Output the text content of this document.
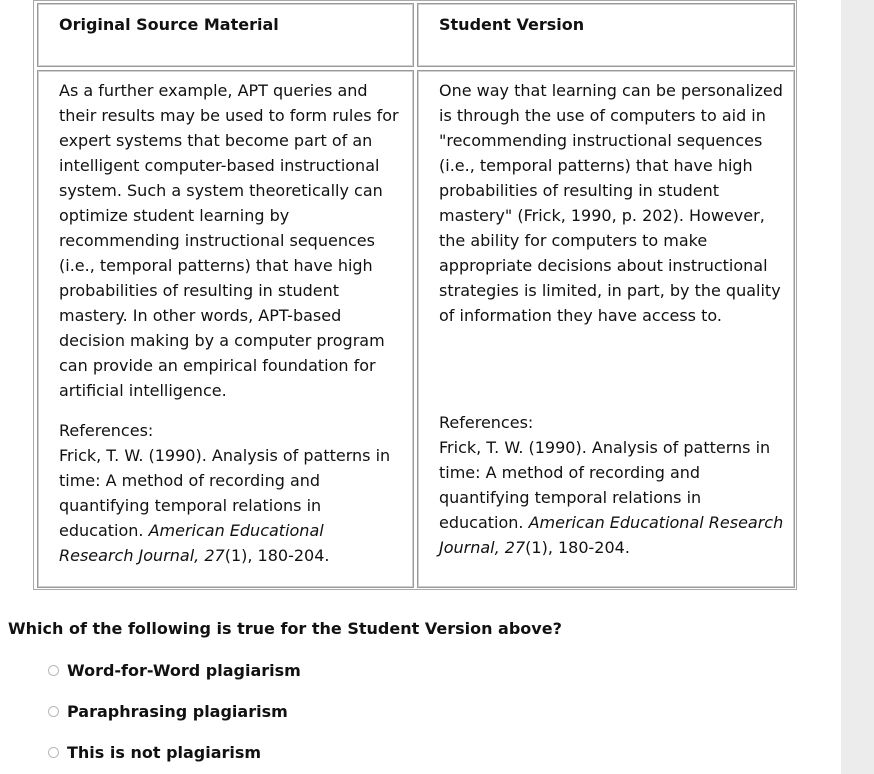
Original Source Material	Student Version

As a further example, APT queries and their results may be used to form rules for expert systems that become part of an intelligent computer-based instructional system. Such a system theoretically can optimize student learning by recommending instructional sequences (i.e., temporal patterns) that have high probabilities of resulting in student mastery. In other words, APT-based decision making by a computer program can provide an empirical foundation for artificial intelligence.

References:
Frick, T. W. (1990). Analysis of patterns in time: A method of recording and quantifying temporal relations in education. American Educational Research Journal, 27(1), 180-204.

One way that learning can be personalized is through the use of computers to aid in "recommending instructional sequences (i.e., temporal patterns) that have high probabilities of resulting in student mastery" (Frick, 1990, p. 202). However, the ability for computers to make appropriate decisions about instructional strategies is limited, in part, by the quality of information they have access to.

References:
Frick, T. W. (1990). Analysis of patterns in time: A method of recording and quantifying temporal relations in education. American Educational Research Journal, 27(1), 180-204.

Which of the following is true for the Student Version above?

Word-for-Word plagiarism
Paraphrasing plagiarism
This is not plagiarism
